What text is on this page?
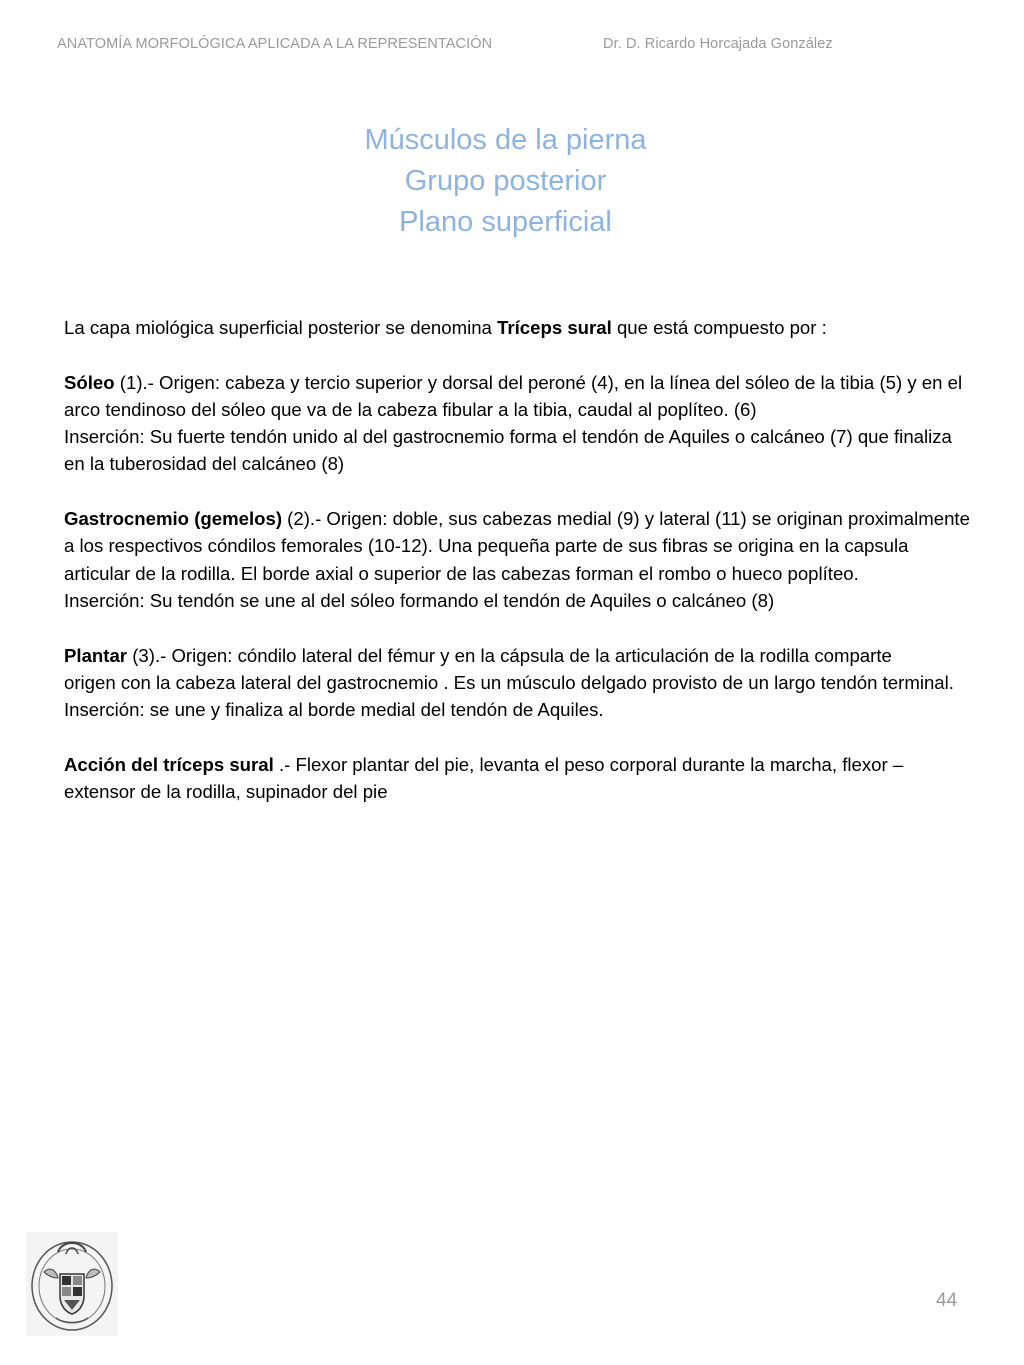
ANATOMÍA MORFOLÓGICA APLICADA A LA REPRESENTACIÓN	Dr. D. Ricardo Horcajada González
Músculos de la pierna
Grupo posterior
Plano superficial

La capa miológica superficial posterior se denomina Tríceps sural que está compuesto por :

Sóleo (1).- Origen: cabeza y tercio superior y dorsal del peroné (4), en la línea del sóleo de la tibia (5) y en el arco tendinoso del sóleo que va de la cabeza fibular a la tibia, caudal al poplíteo. (6)
Inserción: Su fuerte tendón unido al del gastrocnemio forma el tendón de Aquiles o calcáneo (7) que finaliza en la tuberosidad del calcáneo (8)

Gastrocnemio (gemelos) (2).- Origen: doble, sus cabezas medial (9) y lateral (11) se originan proximalmente a los respectivos cóndilos femorales (10-12). Una pequeña parte de sus fibras se origina en la capsula articular de la rodilla. El borde axial o superior de las cabezas forman el rombo o hueco poplíteo.
Inserción: Su tendón se une al del sóleo formando el tendón de Aquiles o calcáneo (8)

Plantar (3).- Origen: cóndilo lateral del fémur y en la cápsula de la articulación de la rodilla comparte
origen con la cabeza lateral del gastrocnemio . Es un músculo delgado provisto de un largo tendón terminal. Inserción: se une y finaliza al borde medial del tendón de Aquiles.

Acción del tríceps sural .- Flexor plantar del pie, levanta el peso corporal durante la marcha, flexor –extensor de la rodilla, supinador del pie

44
